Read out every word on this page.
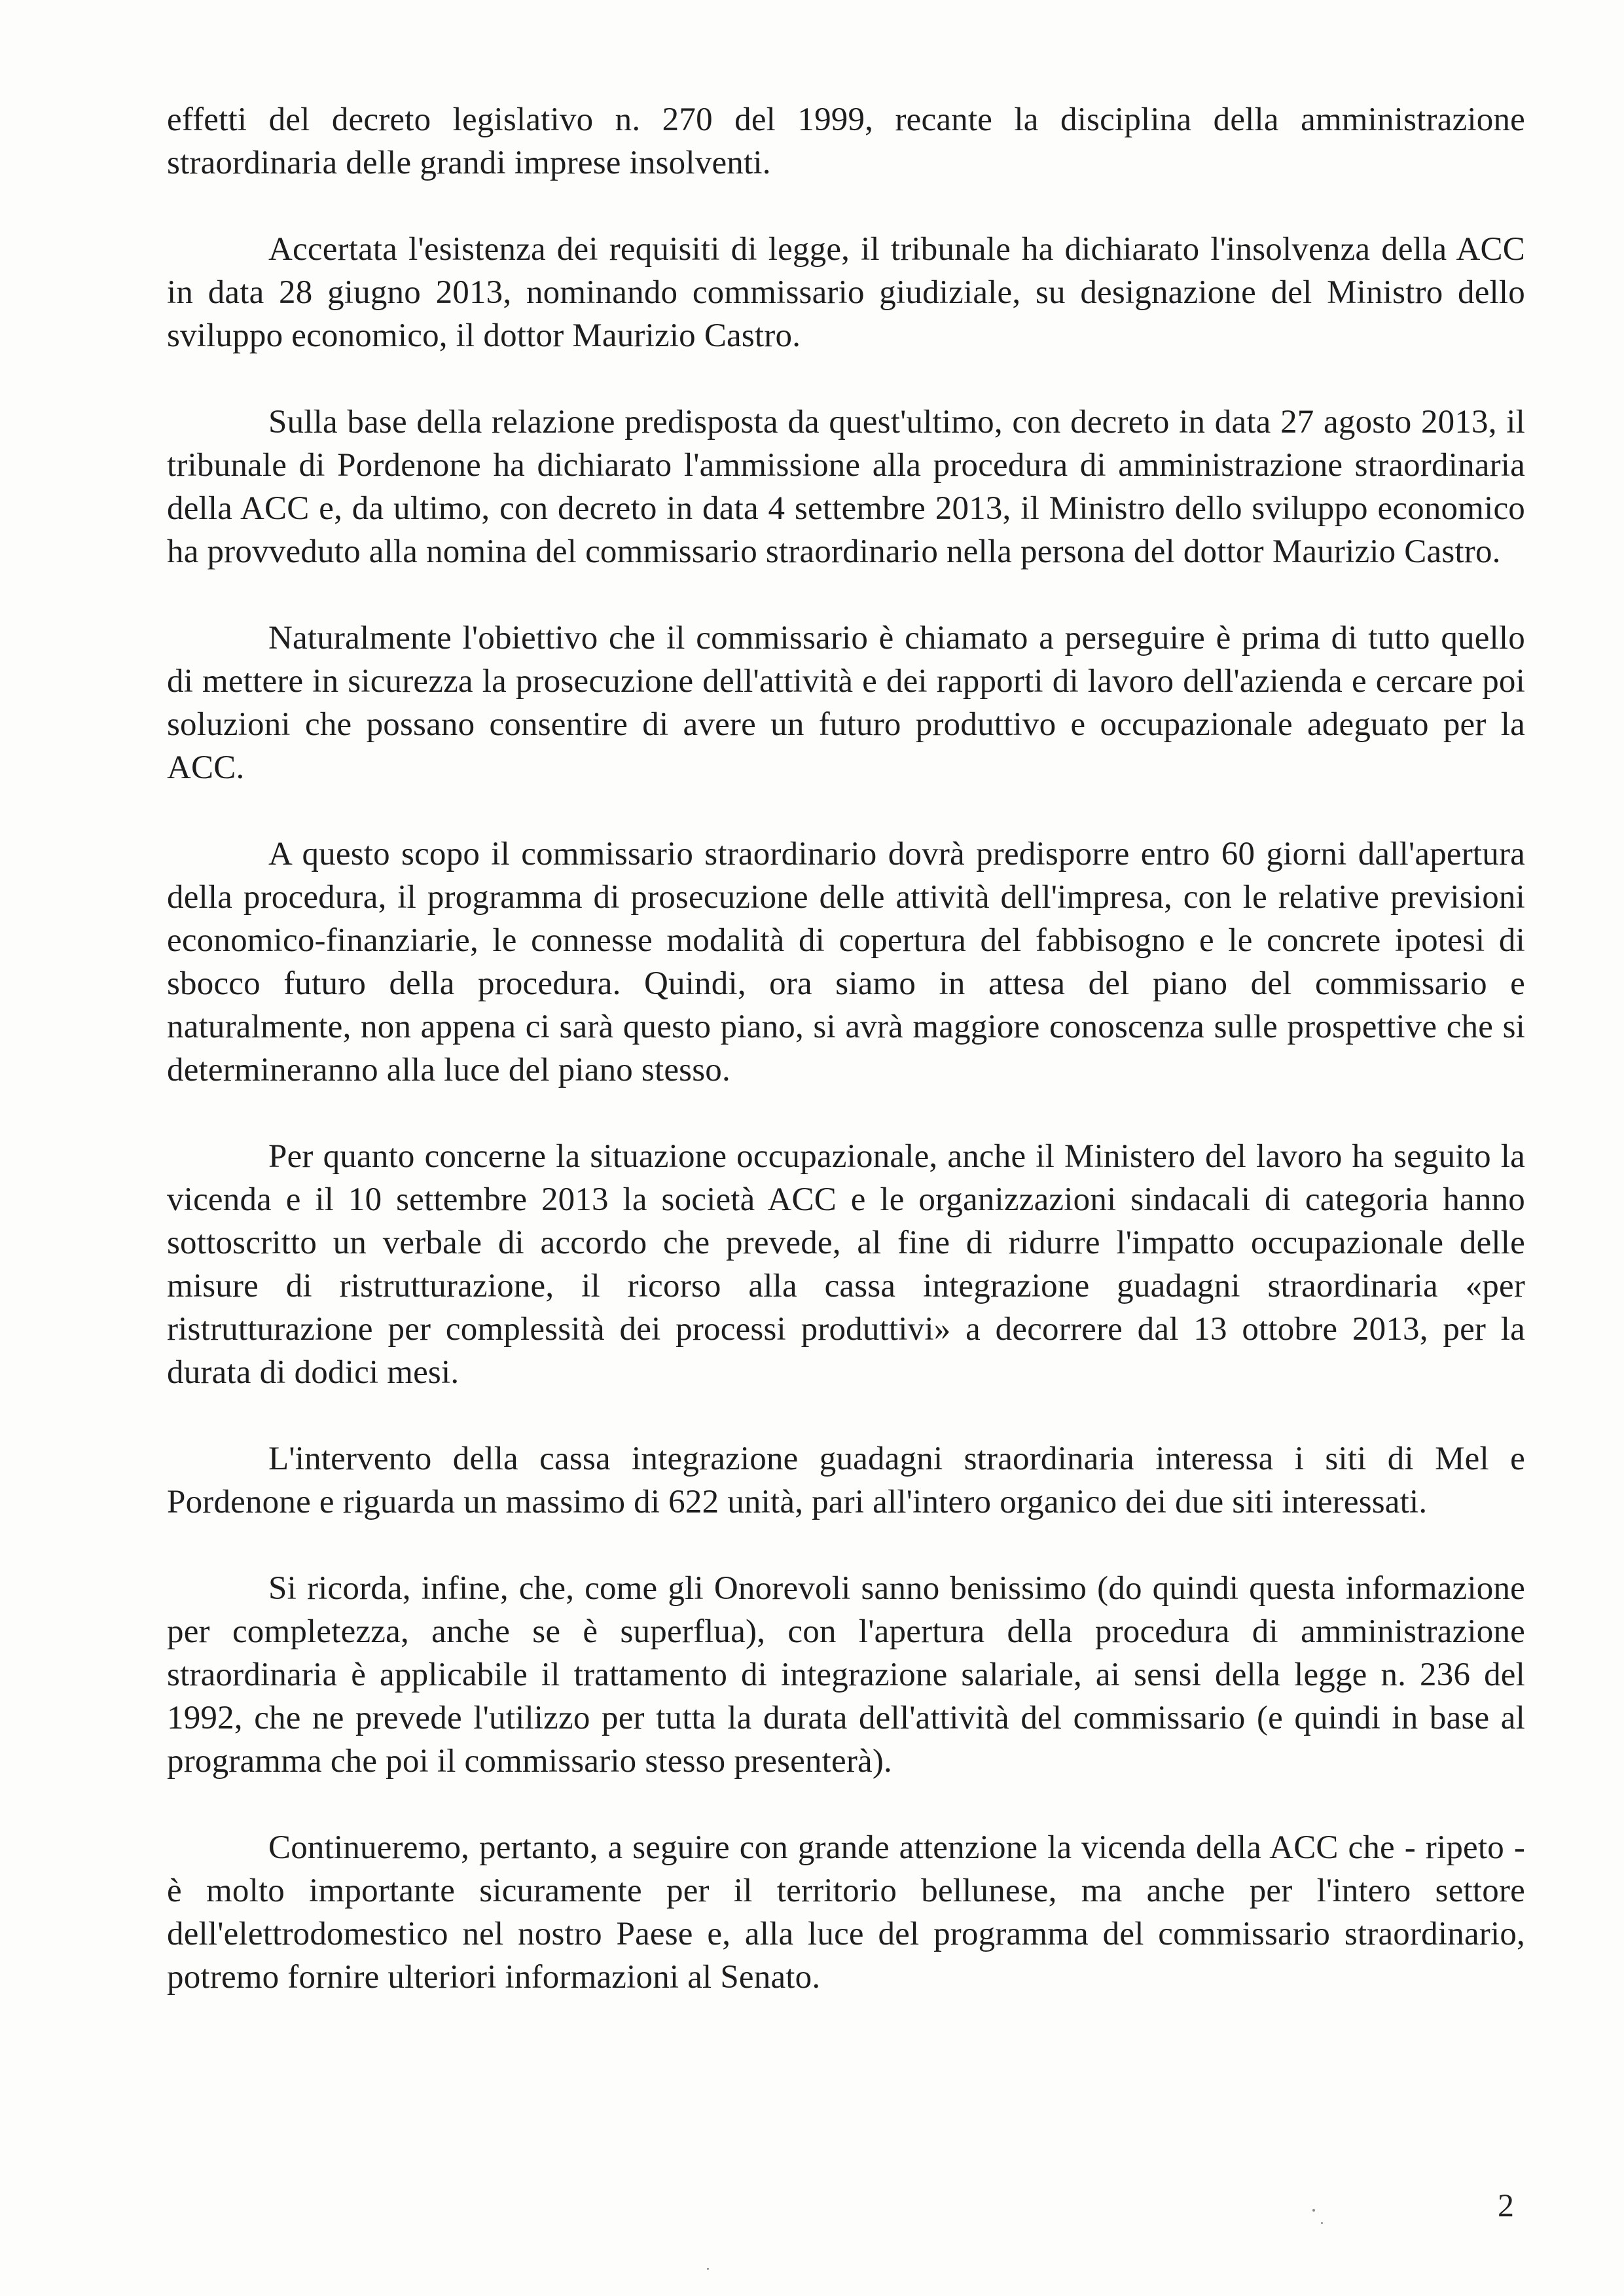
effetti del decreto legislativo n. 270 del 1999, recante la disciplina della amministrazione straordinaria delle grandi imprese insolventi.

Accertata l'esistenza dei requisiti di legge, il tribunale ha dichiarato l'insolvenza della ACC in data 28 giugno 2013, nominando commissario giudiziale, su designazione del Ministro dello sviluppo economico, il dottor Maurizio Castro.

Sulla base della relazione predisposta da quest'ultimo, con decreto in data 27 agosto 2013, il tribunale di Pordenone ha dichiarato l'ammissione alla procedura di amministrazione straordinaria della ACC e, da ultimo, con decreto in data 4 settembre 2013, il Ministro dello sviluppo economico ha provveduto alla nomina del commissario straordinario nella persona del dottor Maurizio Castro.

Naturalmente l'obiettivo che il commissario è chiamato a perseguire è prima di tutto quello di mettere in sicurezza la prosecuzione dell'attività e dei rapporti di lavoro dell'azienda e cercare poi soluzioni che possano consentire di avere un futuro produttivo e occupazionale adeguato per la ACC.

A questo scopo il commissario straordinario dovrà predisporre entro 60 giorni dall'apertura della procedura, il programma di prosecuzione delle attività dell'impresa, con le relative previsioni economico-finanziarie, le connesse modalità di copertura del fabbisogno e le concrete ipotesi di sbocco futuro della procedura. Quindi, ora siamo in attesa del piano del commissario e naturalmente, non appena ci sarà questo piano, si avrà maggiore conoscenza sulle prospettive che si determineranno alla luce del piano stesso.

Per quanto concerne la situazione occupazionale, anche il Ministero del lavoro ha seguito la vicenda e il 10 settembre 2013 la società ACC e le organizzazioni sindacali di categoria hanno sottoscritto un verbale di accordo che prevede, al fine di ridurre l'impatto occupazionale delle misure di ristrutturazione, il ricorso alla cassa integrazione guadagni straordinaria «per ristrutturazione per complessità dei processi produttivi» a decorrere dal 13 ottobre 2013, per la durata di dodici mesi.

L'intervento della cassa integrazione guadagni straordinaria interessa i siti di Mel e Pordenone e riguarda un massimo di 622 unità, pari all'intero organico dei due siti interessati.

Si ricorda, infine, che, come gli Onorevoli sanno benissimo (do quindi questa informazione per completezza, anche se è superflua), con l'apertura della procedura di amministrazione straordinaria è applicabile il trattamento di integrazione salariale, ai sensi della legge n. 236 del 1992, che ne prevede l'utilizzo per tutta la durata dell'attività del commissario (e quindi in base al programma che poi il commissario stesso presenterà).

Continueremo, pertanto, a seguire con grande attenzione la vicenda della ACC che - ripeto - è molto importante sicuramente per il territorio bellunese, ma anche per l'intero settore dell'elettrodomestico nel nostro Paese e, alla luce del programma del commissario straordinario, potremo fornire ulteriori informazioni al Senato.

2
